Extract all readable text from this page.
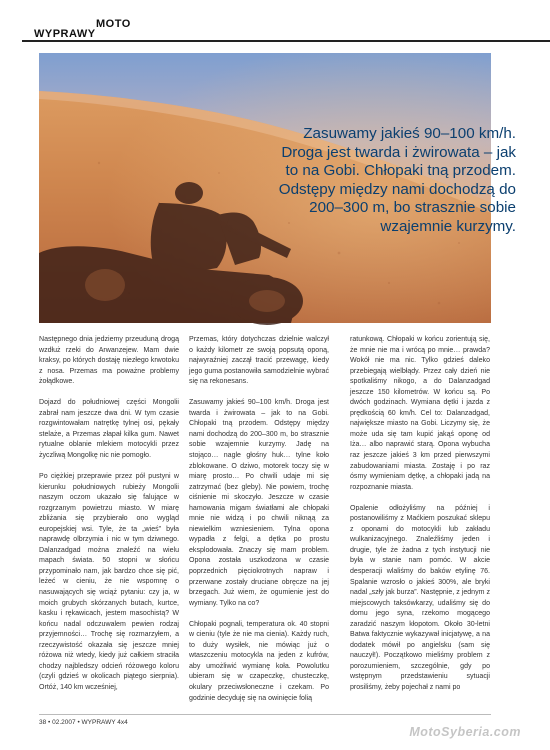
MOTO
WYPRAWY
Zasuwamy jakieś 90–100 km/h. Droga jest twarda i żwirowata – jak to na Gobi. Chłopaki tną przodem. Odstępy między nami dochodzą do 200–300 m, bo strasznie sobie wzajemnie kurzymy.

Następnego dnia jedziemy przeuduną drogą wzdłuż rzeki do Arwanzejew. Mam dwie kraksy, po których dostaję niezłego krwotoku z nosa. Przemas ma poważne problemy żołądkowe.

Dojazd do południowej części Mongolii zabrał nam jeszcze dwa dni. W tym czasie rozgwintowałam natrętkę tylnej osi, pękały stelaże, a Przemas złapał kilka gum. Nawet rytualne oblanie mlekiem motocykli przez życzliwą Mongolkę nic nie pomogło.

Po ciężkiej przeprawie przez pół pustyni w kierunku południowych rubieży Mongolii naszym oczom ukazało się falujące w rozgrzanym powietrzu miasto. W miarę zbliżania się przybierało ono wygląd europejskiej wsi. Tyle, że ta „wieś” była naprawdę olbrzymia i nic w tym dziwnego. Dalanzadgad można znaleźć na wielu mapach świata. 50 stopni w słońcu przypominało nam, jak bardzo chce się pić, leżeć w cieniu, że nie wspomnę o nasuwających się wciąż pytaniu: czy ja, w moich grubych skórzanych butach, kurtce, kasku i rękawicach, jestem masochistą? W końcu nadal odczuwalem pewien rodzaj przyjemności… Trochę się rozmarzyłem, a rzeczywistość okazała się jeszcze mniej różowa niż wtedy, kiedy już całkiem straciła chodzy najbledszy odcień różowego koloru (czyli gdzieś w okolicach piątego sierpnia). Ortóż, 140 km wcześniej,

Przemas, który dotychczas dzielnie walczył o każdy kilometr ze swoją popsutą oponą, najwyraźniej zaczął tracić przewagę, kiedy jego guma postanowiła samodzielnie wybrać się na rekonesans.

Zasuwamy jakieś 90–100 km/h. Droga jest twarda i żwirowata – jak to na Gobi. Chłopaki tną przodem. Odstępy między nami dochodzą do 200–300 m, bo strasznie sobie wzajemnie kurzymy. Jadę na stojąco… nagle głośny huk… tylne koło zblokowane. O dziwo, motorek toczy się w miarę prosto… Po chwili udaje mi się zatrzymać (bez gleby). Nie powiem, trochę ciśnienie mi skoczyło. Jeszcze w czasie hamowania migam światłami ale chłopaki mnie nie widzą i po chwili niknąą za niewielkim wzniesieniem. Tylna opona wypadła z felgi, a dętka po prostu eksplodowała. Znaczy się mam problem. Opona została uszkodzona w czasie poprzednich pięciokrotnych napraw i przerwane zostały druciane obręcze na jej brzegach. Już wiem, że ogumienie jest do wymiany. Tylko na co?

Chłopaki pognali, temperatura ok. 40 stopni w cieniu (tyle że nie ma cienia). Każdy ruch, to duży wysiłek, nie mówiąc już o wtaszczeniu motocykla na jeden z kufrów, aby umożliwić wymianę koła. Powolutku ubieram się w czapeczkę, chusteczkę, okulary przeciwsłoneczne i czekam. Po godzinie decyduję się na owinięcie folią

ratunkową. Chłopaki w końcu zorientują się, że mnie nie ma i wrócą po mnie… prawda? Wokół nie ma nic. Tylko gdzieś daleko przebiegają wielbłądy. Przez cały dzień nie spotkaliśmy nikogo, a do Dalanzadgad jeszcze 150 kilometrów. W końcu są. Po dwóch godzinach. Wymiana dętki i jazda z prędkością 60 km/h. Cel to: Dalanzadgad, największe miasto na Gobi. Liczymy się, że może uda się tam kupić jakąś oponę od Iża… albo naprawić starą. Opona wybucha raz jeszcze jakieś 3 km przed pierwszymi zabudowaniami miasta. Zostaję i po raz ósmy wymieniam dętkę, a chłopaki jadą na rozpoznanie miasta.

Opalenie odłożyliśmy na później i postanowiliśmy z Maćkiem poszukać sklepu z oponami do motocykli lub zakładu wulkanizacyjnego. Znaleźliśmy jeden i drugie, tyle że żadna z tych instytucji nie była w stanie nam pomóc. W akcie desperacji wlaliśmy do baków etylinę 76. Spalanie wzrosło o jakieś 300%, ale bryki nadal „szły jak burza”. Następnie, z jednym z miejscowych taksówkarzy, udaliśmy się do domu jego syna, rzekomo mogącego zaradzić naszym kłopotom. Około 30-letni Batwa faktycznie wykazywał inicjatywę, a na dodatek mówił po angielsku (sam się nauczył!). Początkowo mieliśmy problem z porozumieniem, szczególnie, gdy po wstępnym przedstawieniu sytuacji prosiliśmy, żeby pojechał z nami po

38 • 02.2007 • WYPRAWY 4x4
MotoSyberia.com
